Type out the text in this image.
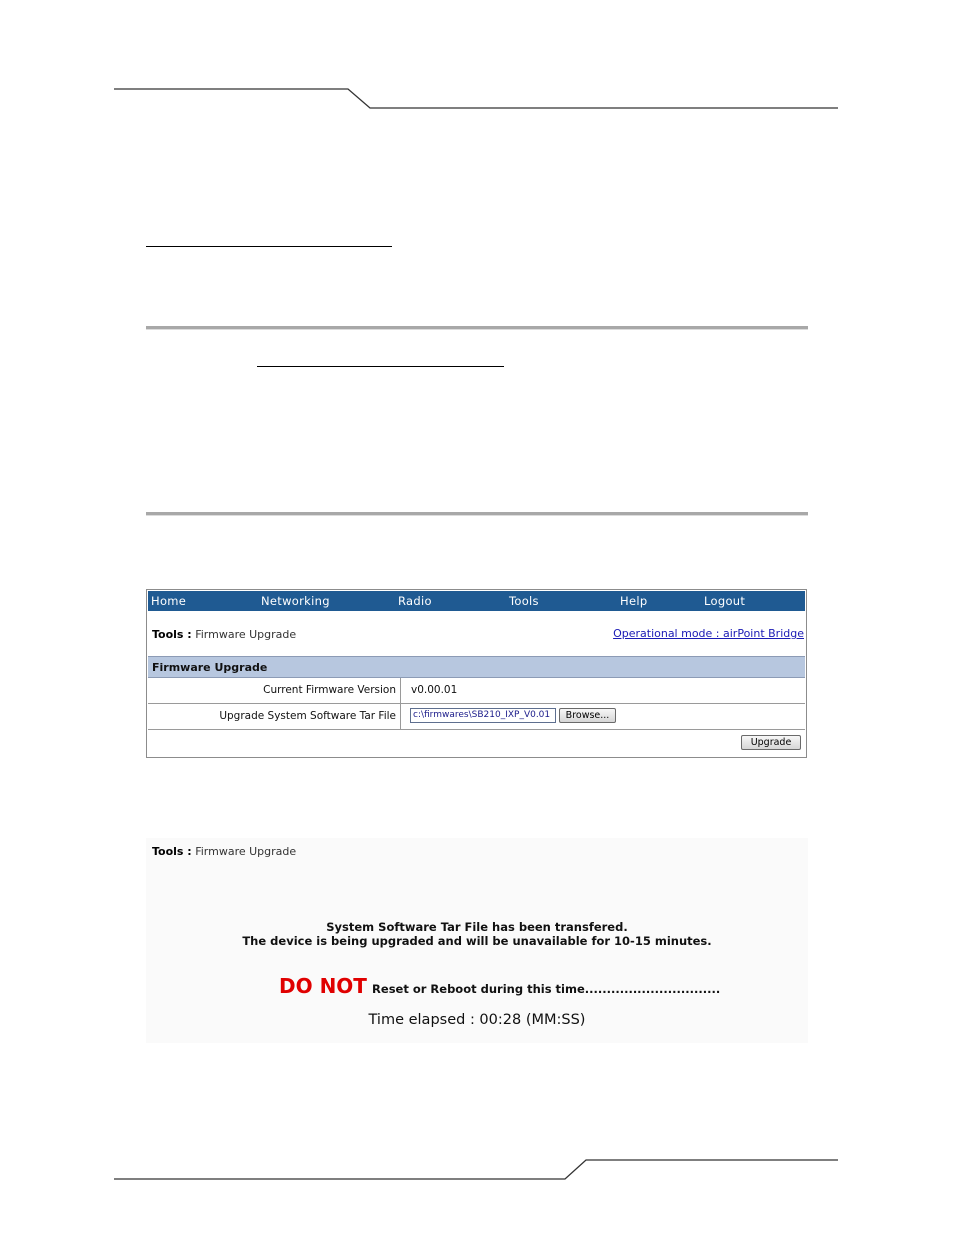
Home	Networking	Radio	Tools	Help	Logout
Tools : Firmware Upgrade	Operational mode : airPoint Bridge
Firmware Upgrade
Current Firmware Version	v0.00.01
Upgrade System Software Tar File	c:\firmwares\SB210_IXP_V0.01	Browse...
Upgrade
Tools : Firmware Upgrade
System Software Tar File has been transfered.
The device is being upgraded and will be unavailable for 10-15 minutes.
DO NOT Reset or Reboot during this time...............................
Time elapsed : 00:28 (MM:SS)
